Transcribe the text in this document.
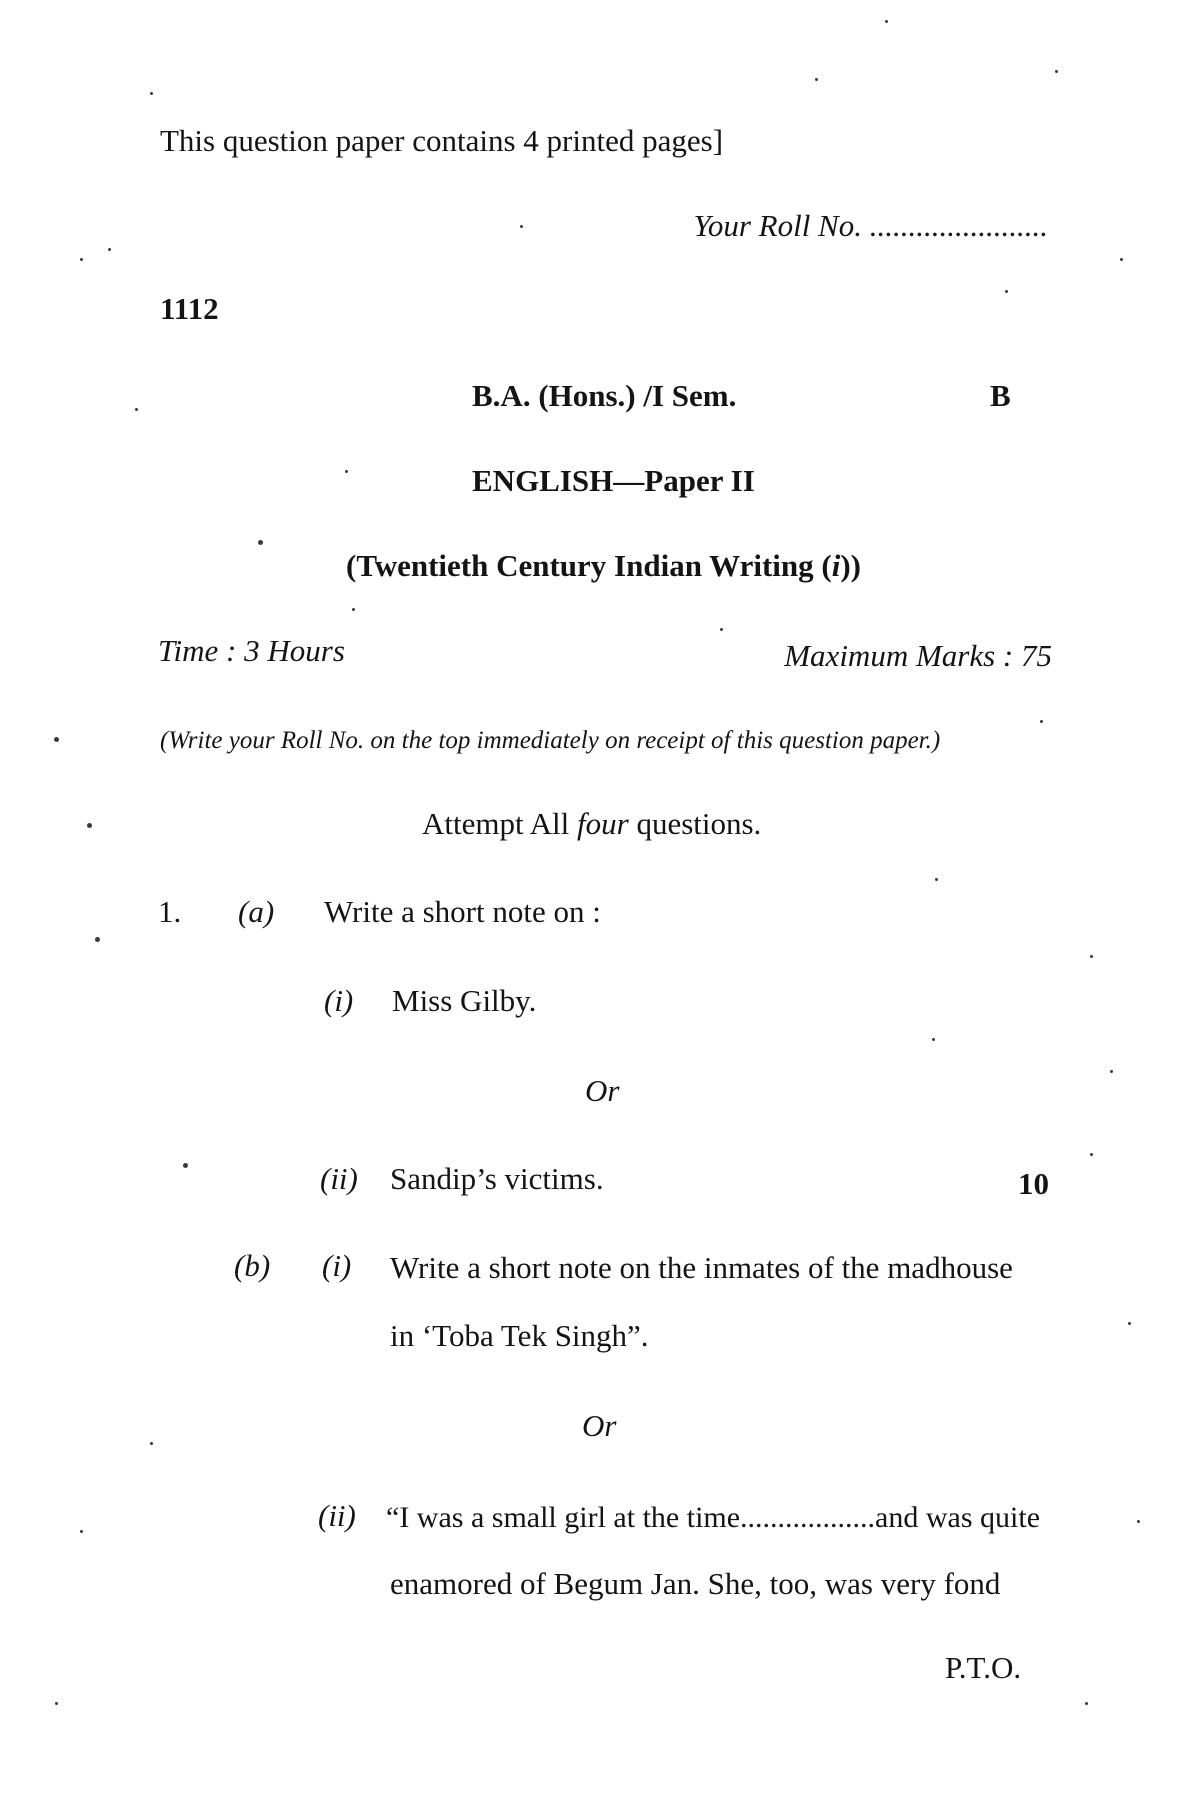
This question paper contains 4 printed pages]
Your Roll No. .......................
1112
B.A. (Hons.) /I Sem.	B
ENGLISH—Paper II
(Twentieth Century Indian Writing (i))
Time : 3 Hours	Maximum Marks : 75
(Write your Roll No. on the top immediately on receipt of this question paper.)
Attempt All four questions.
1. (a) Write a short note on :
(i) Miss Gilby.
Or
(ii) Sandip’s victims.	10
(b) (i) Write a short note on the inmates of the madhouse
in ‘Toba Tek Singh”.
Or
(ii) “I was a small girl at the time..................and was quite
enamored of Begum Jan. She, too, was very fond
P.T.O.
